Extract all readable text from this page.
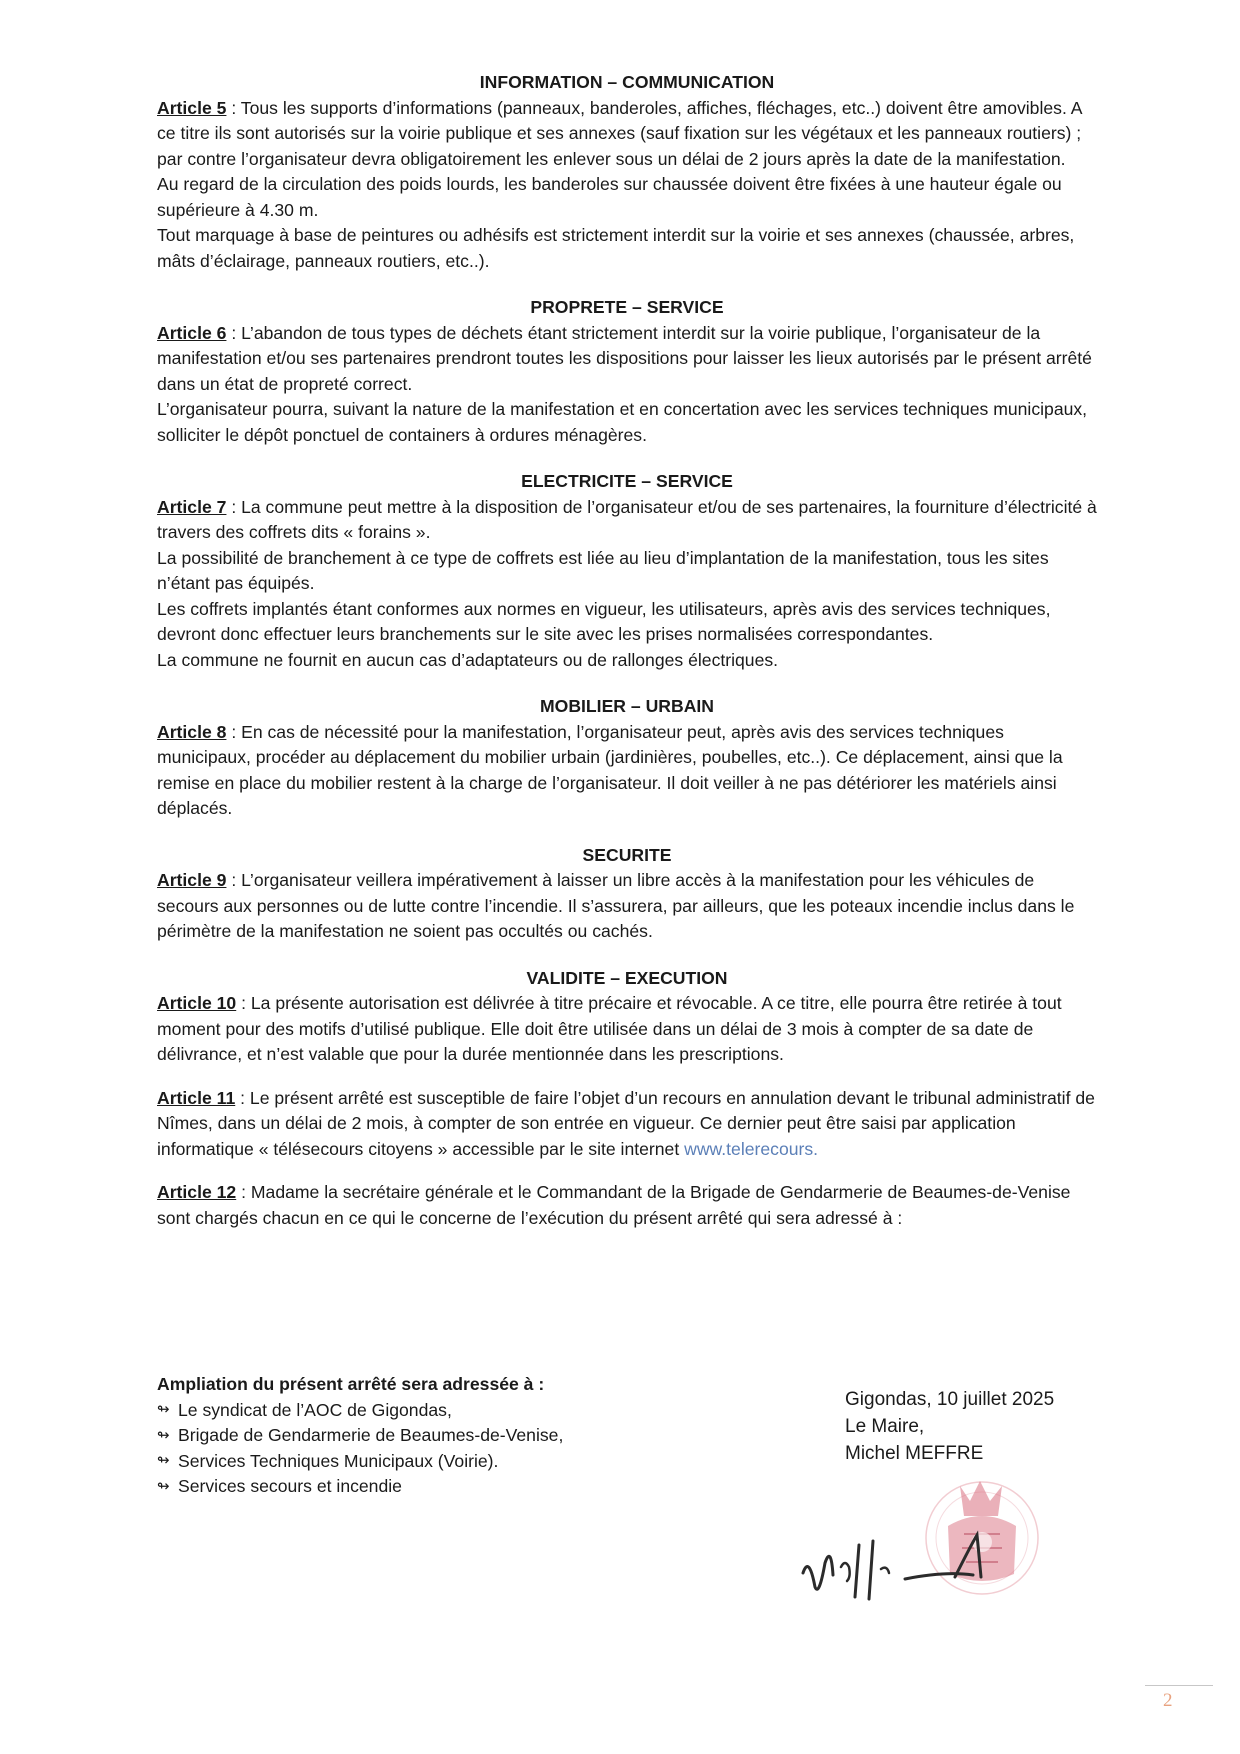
INFORMATION – COMMUNICATION

Article 5 : Tous les supports d’informations (panneaux, banderoles, affiches, fléchages, etc..) doivent être amovibles. A ce titre ils sont autorisés sur la voirie publique et ses annexes (sauf fixation sur les végétaux et les panneaux routiers) ; par contre l’organisateur devra obligatoirement les enlever sous un délai de 2 jours après la date de la manifestation.

Au regard de la circulation des poids lourds, les banderoles sur chaussée doivent être fixées à une hauteur égale ou supérieure à 4.30 m.

Tout marquage à base de peintures ou adhésifs est strictement interdit sur la voirie et ses annexes (chaussée, arbres, mâts d’éclairage, panneaux routiers, etc..).

PROPRETE – SERVICE

Article 6 : L’abandon de tous types de déchets étant strictement interdit sur la voirie publique, l’organisateur de la manifestation et/ou ses partenaires prendront toutes les dispositions pour laisser les lieux autorisés par le présent arrêté dans un état de propreté correct.

L’organisateur pourra, suivant la nature de la manifestation et en concertation avec les services techniques municipaux, solliciter le dépôt ponctuel de containers à ordures ménagères.

ELECTRICITE – SERVICE

Article 7 : La commune peut mettre à la disposition de l’organisateur et/ou de ses partenaires, la fourniture d’électricité à travers des coffrets dits « forains ».

La possibilité de branchement à ce type de coffrets est liée au lieu d’implantation de la manifestation, tous les sites n’étant pas équipés.

Les coffrets implantés étant conformes aux normes en vigueur, les utilisateurs, après avis des services techniques, devront donc effectuer leurs branchements sur le site avec les prises normalisées correspondantes.

La commune ne fournit en aucun cas d’adaptateurs ou de rallonges électriques.

MOBILIER – URBAIN

Article 8 : En cas de nécessité pour la manifestation, l’organisateur peut, après avis des services techniques municipaux, procéder au déplacement du mobilier urbain (jardinières, poubelles, etc..). Ce déplacement, ainsi que la remise en place du mobilier restent à la charge de l’organisateur. Il doit veiller à ne pas détériorer les matériels ainsi déplacés.

SECURITE

Article 9 : L’organisateur veillera impérativement à laisser un libre accès à la manifestation pour les véhicules de secours aux personnes ou de lutte contre l’incendie. Il s’assurera, par ailleurs, que les poteaux incendie inclus dans le périmètre de la manifestation ne soient pas occultés ou cachés.

VALIDITE – EXECUTION

Article 10 : La présente autorisation est délivrée à titre précaire et révocable. A ce titre, elle pourra être retirée à tout moment pour des motifs d’utilisé publique. Elle doit être utilisée dans un délai de 3 mois à compter de sa date de délivrance, et n’est valable que pour la durée mentionnée dans les prescriptions.

Article 11 : Le présent arrêté est susceptible de faire l’objet d’un recours en annulation devant le tribunal administratif de Nîmes, dans un délai de 2 mois, à compter de son entrée en vigueur. Ce dernier peut être saisi par application informatique « télésecours citoyens » accessible par le site internet www.telerecours.

Article 12 : Madame la secrétaire générale et le Commandant de la Brigade de Gendarmerie de Beaumes-de-Venise sont chargés chacun en ce qui le concerne de l’exécution du présent arrêté qui sera adressé à :

Ampliation du présent arrêté sera adressée à :

↬ Le syndicat de l’AOC de Gigondas,

↬ Brigade de Gendarmerie de Beaumes-de-Venise,

↬ Services Techniques Municipaux (Voirie).

↬ Services secours et incendie

Gigondas, 10 juillet 2025

Le Maire,

Michel MEFFRE

2
